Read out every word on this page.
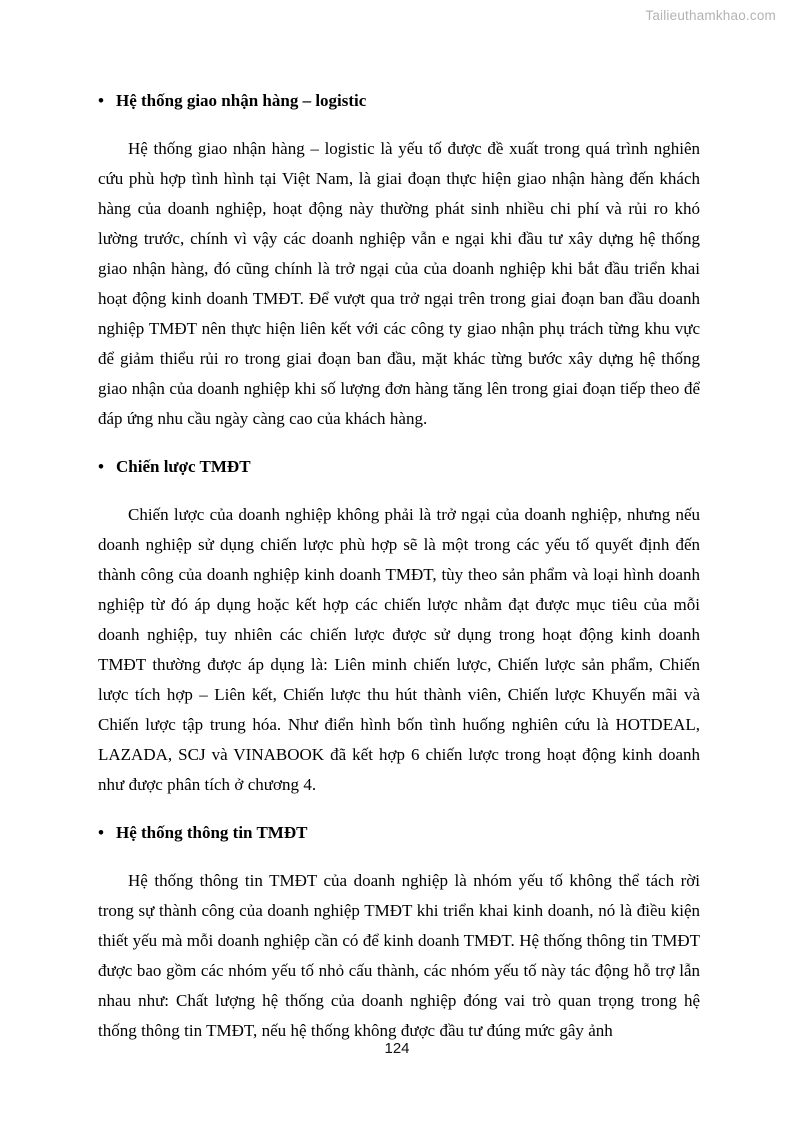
Tailieuthamkhao.com
• Hệ thống giao nhận hàng – logistic

Hệ thống giao nhận hàng – logistic là yếu tố được đề xuất trong quá trình nghiên cứu phù hợp tình hình tại Việt Nam, là giai đoạn thực hiện giao nhận hàng đến khách hàng của doanh nghiệp, hoạt động này thường phát sinh nhiều chi phí và rủi ro khó lường trước, chính vì vậy các doanh nghiệp vẫn e ngại khi đầu tư xây dựng hệ thống giao nhận hàng, đó cũng chính là trở ngại của của doanh nghiệp khi bắt đầu triển khai hoạt động kinh doanh TMĐT. Để vượt qua trở ngại trên trong giai đoạn ban đầu doanh nghiệp TMĐT nên thực hiện liên kết với các công ty giao nhận phụ trách từng khu vực để giảm thiểu rủi ro trong giai đoạn ban đầu, mặt khác từng bước xây dựng hệ thống giao nhận của doanh nghiệp khi số lượng đơn hàng tăng lên trong giai đoạn tiếp theo để đáp ứng nhu cầu ngày càng cao của khách hàng.

• Chiến lược TMĐT

Chiến lược của doanh nghiệp không phải là trở ngại của doanh nghiệp, nhưng nếu doanh nghiệp sử dụng chiến lược phù hợp sẽ là một trong các yếu tố quyết định đến thành công của doanh nghiệp kinh doanh TMĐT, tùy theo sản phẩm và loại hình doanh nghiệp từ đó áp dụng hoặc kết hợp các chiến lược nhằm đạt được mục tiêu của mỗi doanh nghiệp, tuy nhiên các chiến lược được sử dụng trong hoạt động kinh doanh TMĐT thường được áp dụng là: Liên minh chiến lược, Chiến lược sản phẩm, Chiến lược tích hợp – Liên kết, Chiến lược thu hút thành viên, Chiến lược Khuyến mãi và Chiến lược tập trung hóa. Như điển hình bốn tình huống nghiên cứu là HOTDEAL, LAZADA, SCJ và VINABOOK đã kết hợp 6 chiến lược trong hoạt động kinh doanh như được phân tích ở chương 4.

• Hệ thống thông tin TMĐT

Hệ thống thông tin TMĐT của doanh nghiệp là nhóm yếu tố không thể tách rời trong sự thành công của doanh nghiệp TMĐT khi triển khai kinh doanh, nó là điều kiện thiết yếu mà mỗi doanh nghiệp cần có để kinh doanh TMĐT. Hệ thống thông tin TMĐT được bao gồm các nhóm yếu tố nhỏ cấu thành, các nhóm yếu tố này tác động hỗ trợ lẫn nhau như: Chất lượng hệ thống của doanh nghiệp đóng vai trò quan trọng trong hệ thống thông tin TMĐT, nếu hệ thống không được đầu tư đúng mức gây ảnh

124
